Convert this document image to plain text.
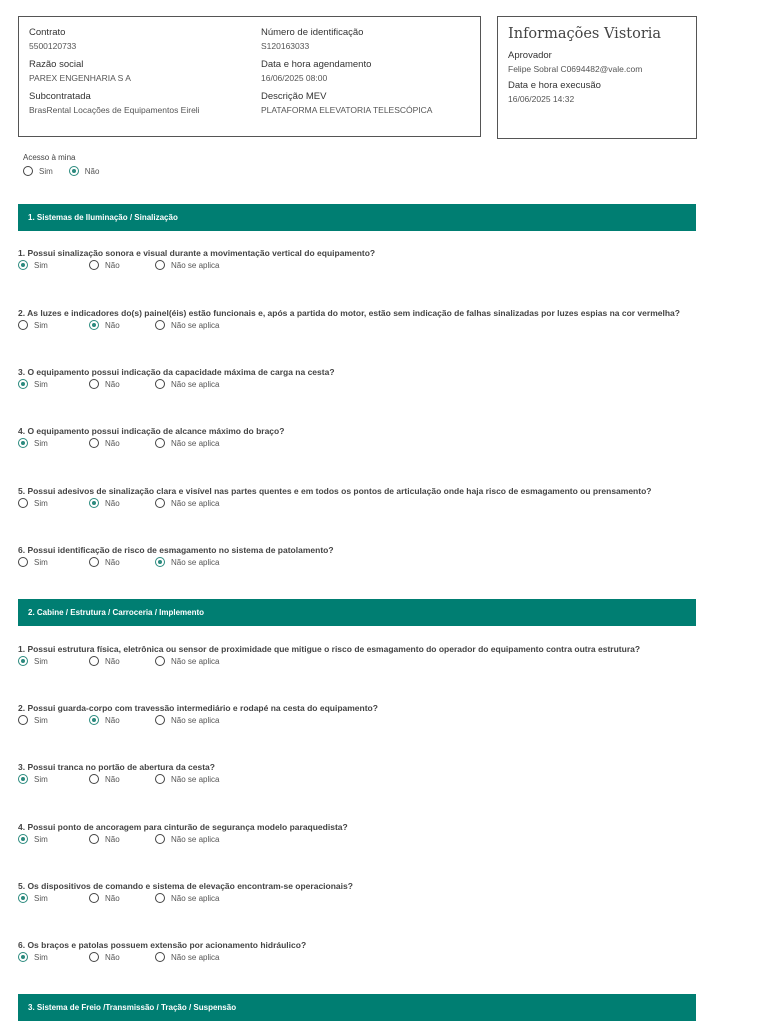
Contrato
5500120733
Número de identificação
S120163033
Razão social
PAREX ENGENHARIA S A
Data e hora agendamento
16/06/2025 08:00
Subcontratada
BrasRental Locações de Equipamentos Eireli
Descrição MEV
PLATAFORMA ELEVATORIA TELESCÓPICA
Informações Vistoria
Aprovador
Felipe Sobral C0694482@vale.com
Data e hora execusão
16/06/2025 14:32
Acesso à mina
Sim	Não
1. Sistemas de Iluminação / Sinalização
1. Possui sinalização sonora e visual durante a movimentação vertical do equipamento?
Sim	Não	Não se aplica
2. As luzes e indicadores do(s) painel(éis) estão funcionais e, após a partida do motor, estão sem indicação de falhas sinalizadas por luzes espias na cor vermelha?
Sim	Não	Não se aplica
3. O equipamento possui indicação da capacidade máxima de carga na cesta?
Sim	Não	Não se aplica
4. O equipamento possui indicação de alcance máximo do braço?
Sim	Não	Não se aplica
5. Possui adesivos de sinalização clara e visível nas partes quentes e em todos os pontos de articulação onde haja risco de esmagamento ou prensamento?
Sim	Não	Não se aplica
6. Possui identificação de risco de esmagamento no sistema de patolamento?
Sim	Não	Não se aplica
2. Cabine / Estrutura / Carroceria / Implemento
1. Possui estrutura física, eletrônica ou sensor de proximidade que mitigue o risco de esmagamento do operador do equipamento contra outra estrutura?
Sim	Não	Não se aplica
2. Possui guarda-corpo com travessão intermediário e rodapé na cesta do equipamento?
Sim	Não	Não se aplica
3. Possui tranca no portão de abertura da cesta?
Sim	Não	Não se aplica
4. Possui ponto de ancoragem para cinturão de segurança modelo paraquedista?
Sim	Não	Não se aplica
5. Os dispositivos de comando e sistema de elevação encontram-se operacionais?
Sim	Não	Não se aplica
6. Os braços e patolas possuem extensão por acionamento hidráulico?
Sim	Não	Não se aplica
3. Sistema de Freio /Transmissão / Tração / Suspensão
